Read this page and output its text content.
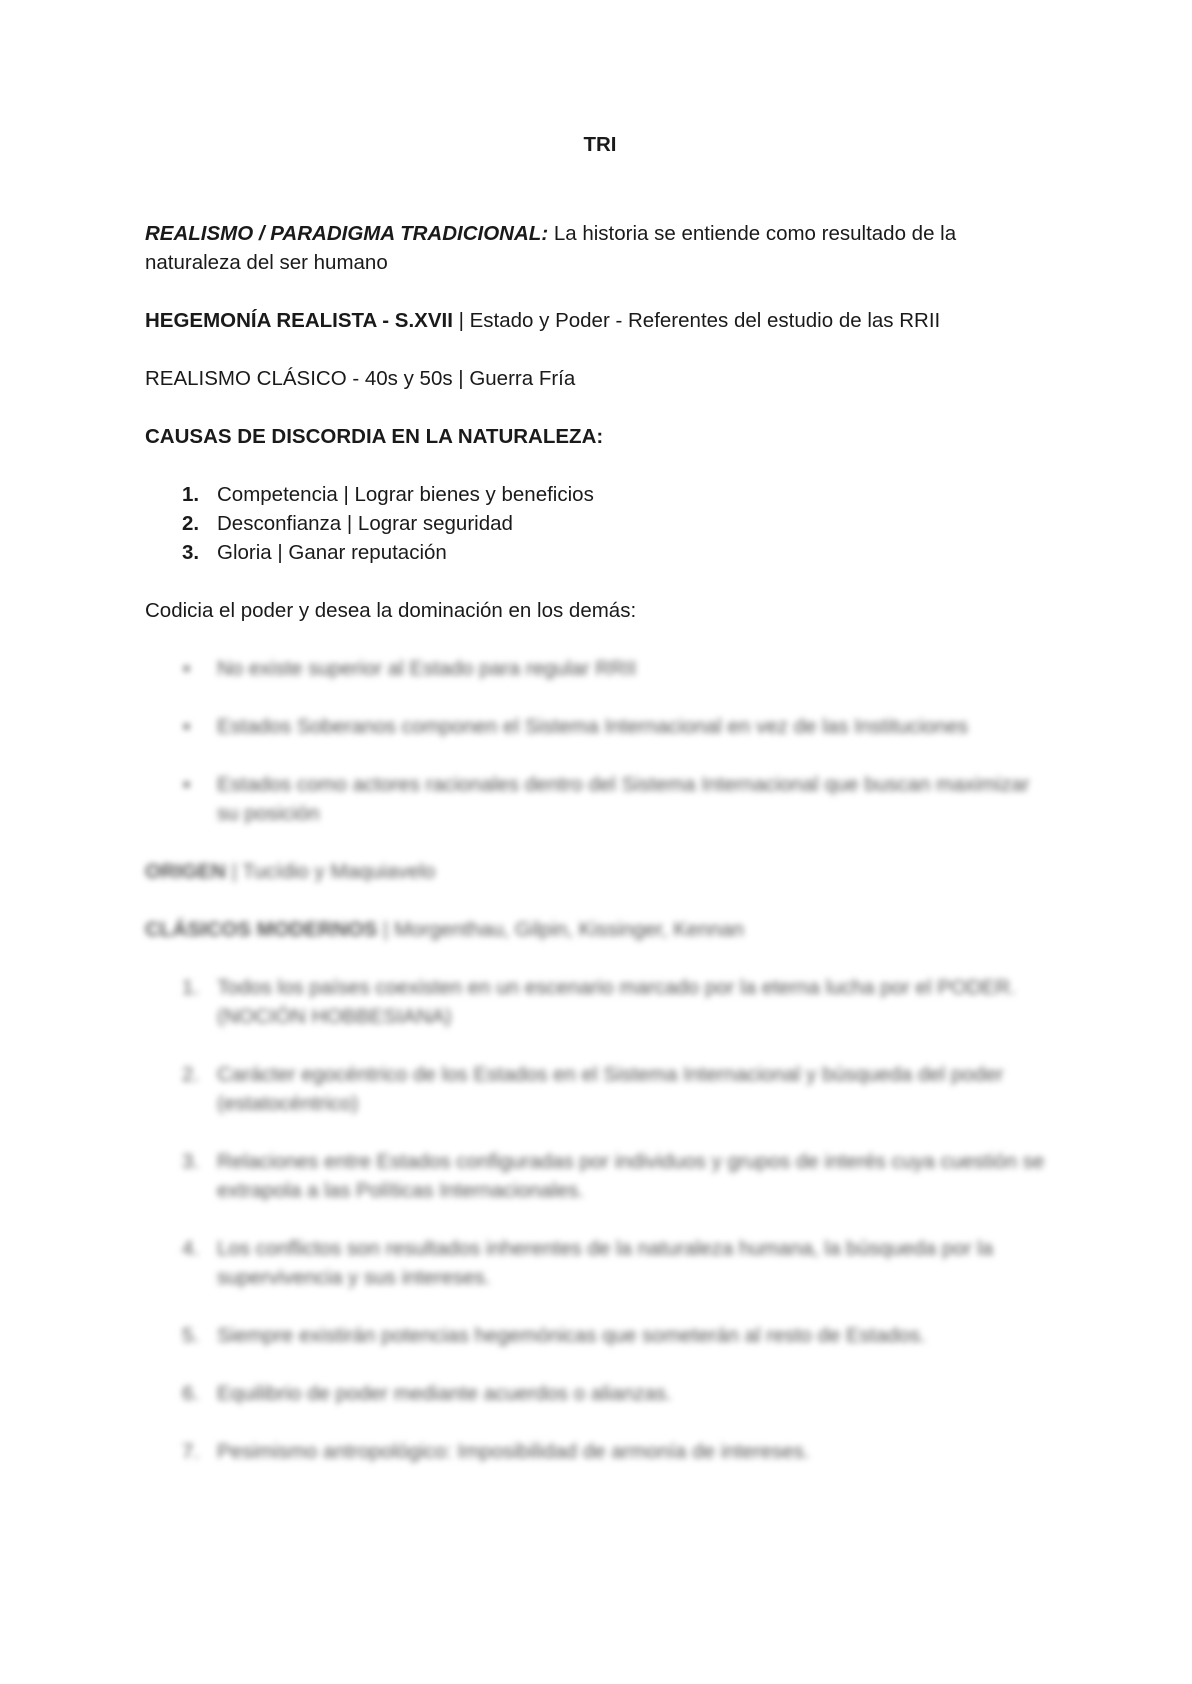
TRI

REALISMO / PARADIGMA TRADICIONAL: La historia se entiende como resultado de la naturaleza del ser humano

HEGEMONÍA REALISTA - S.XVII | Estado y Poder - Referentes del estudio de las RRII

REALISMO CLÁSICO - 40s y 50s | Guerra Fría

CAUSAS DE DISCORDIA EN LA NATURALEZA:

1. Competencia | Lograr bienes y beneficios
2. Desconfianza | Lograr seguridad
3. Gloria | Ganar reputación

Codicia el poder y desea la dominación en los demás:

▪ No existe superior al Estado para regular RRII
▪ Estados Soberanos componen el Sistema Internacional en vez de las Instituciones
▪ Estados como actores racionales dentro del Sistema Internacional que buscan maximizar su posición

ORIGEN | Tucídio y Maquiavelo

CLÁSICOS MODERNOS | Morgenthau, Gilpin, Kissinger, Kennan

1. Todos los países coexisten en un escenario marcado por la eterna lucha por el PODER. (NOCIÓN HOBBESIANA)
2. Carácter egocéntrico de los Estados en el Sistema Internacional y búsqueda del poder (estatocéntrico)
3. Relaciones entre Estados configuradas por individuos y grupos de interés cuya cuestión se extrapola a las Políticas Internacionales.
4. Los conflictos son resultados inherentes de la naturaleza humana, la búsqueda por la supervivencia y sus intereses.
5. Siempre existirán potencias hegemónicas que someterán al resto de Estados.
6. Equilibrio de poder mediante acuerdos o alianzas.
7. Pesimismo antropológico: Imposibilidad de armonía de intereses.
